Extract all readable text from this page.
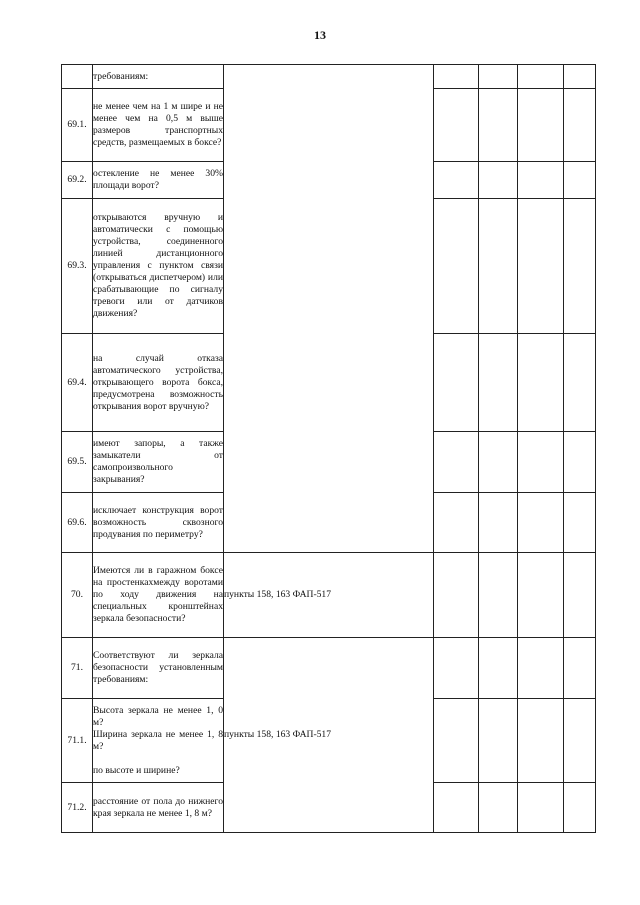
13
	требованиям:					
69.1.	не менее чем на 1 м шире и не менее чем на 0,5 м выше размеров транспортных средств, размещаемых в боксе?					
69.2.	остекление не менее 30% площади ворот?					
69.3.	открываются вручную и автоматически с помощью устройства, соединенного линией дистанционного управления с пунктом связи (открываться диспетчером) или срабатывающие по сигналу тревоги или от датчиков движения?					
69.4.	на случай отказа автоматического устройства, открывающего ворота бокса, предусмотрена возможность открывания ворот вручную?					
69.5.	имеют запоры, а также замыкатели от самопроизвольного закрывания?					
69.6.	исключает конструкция ворот возможность сквозного продувания по периметру?					
70.	Имеются ли в гаражном боксе на простенкахмежду воротами по ходу движения на специальных кронштейнах зеркала безопасности?	пункты 158, 163 ФАП-517				
71.	Соответствуют ли зеркала безопасности установленным требованиям:	пункты 158, 163 ФАП-517				
71.1.	Высота зеркала не менее 1, 0 м?
Ширина зеркала не менее 1, 8 м?
по высоте и ширине?					

71.2.	расстояние от пола до нижнего края зеркала не менее 1, 8 м?					
